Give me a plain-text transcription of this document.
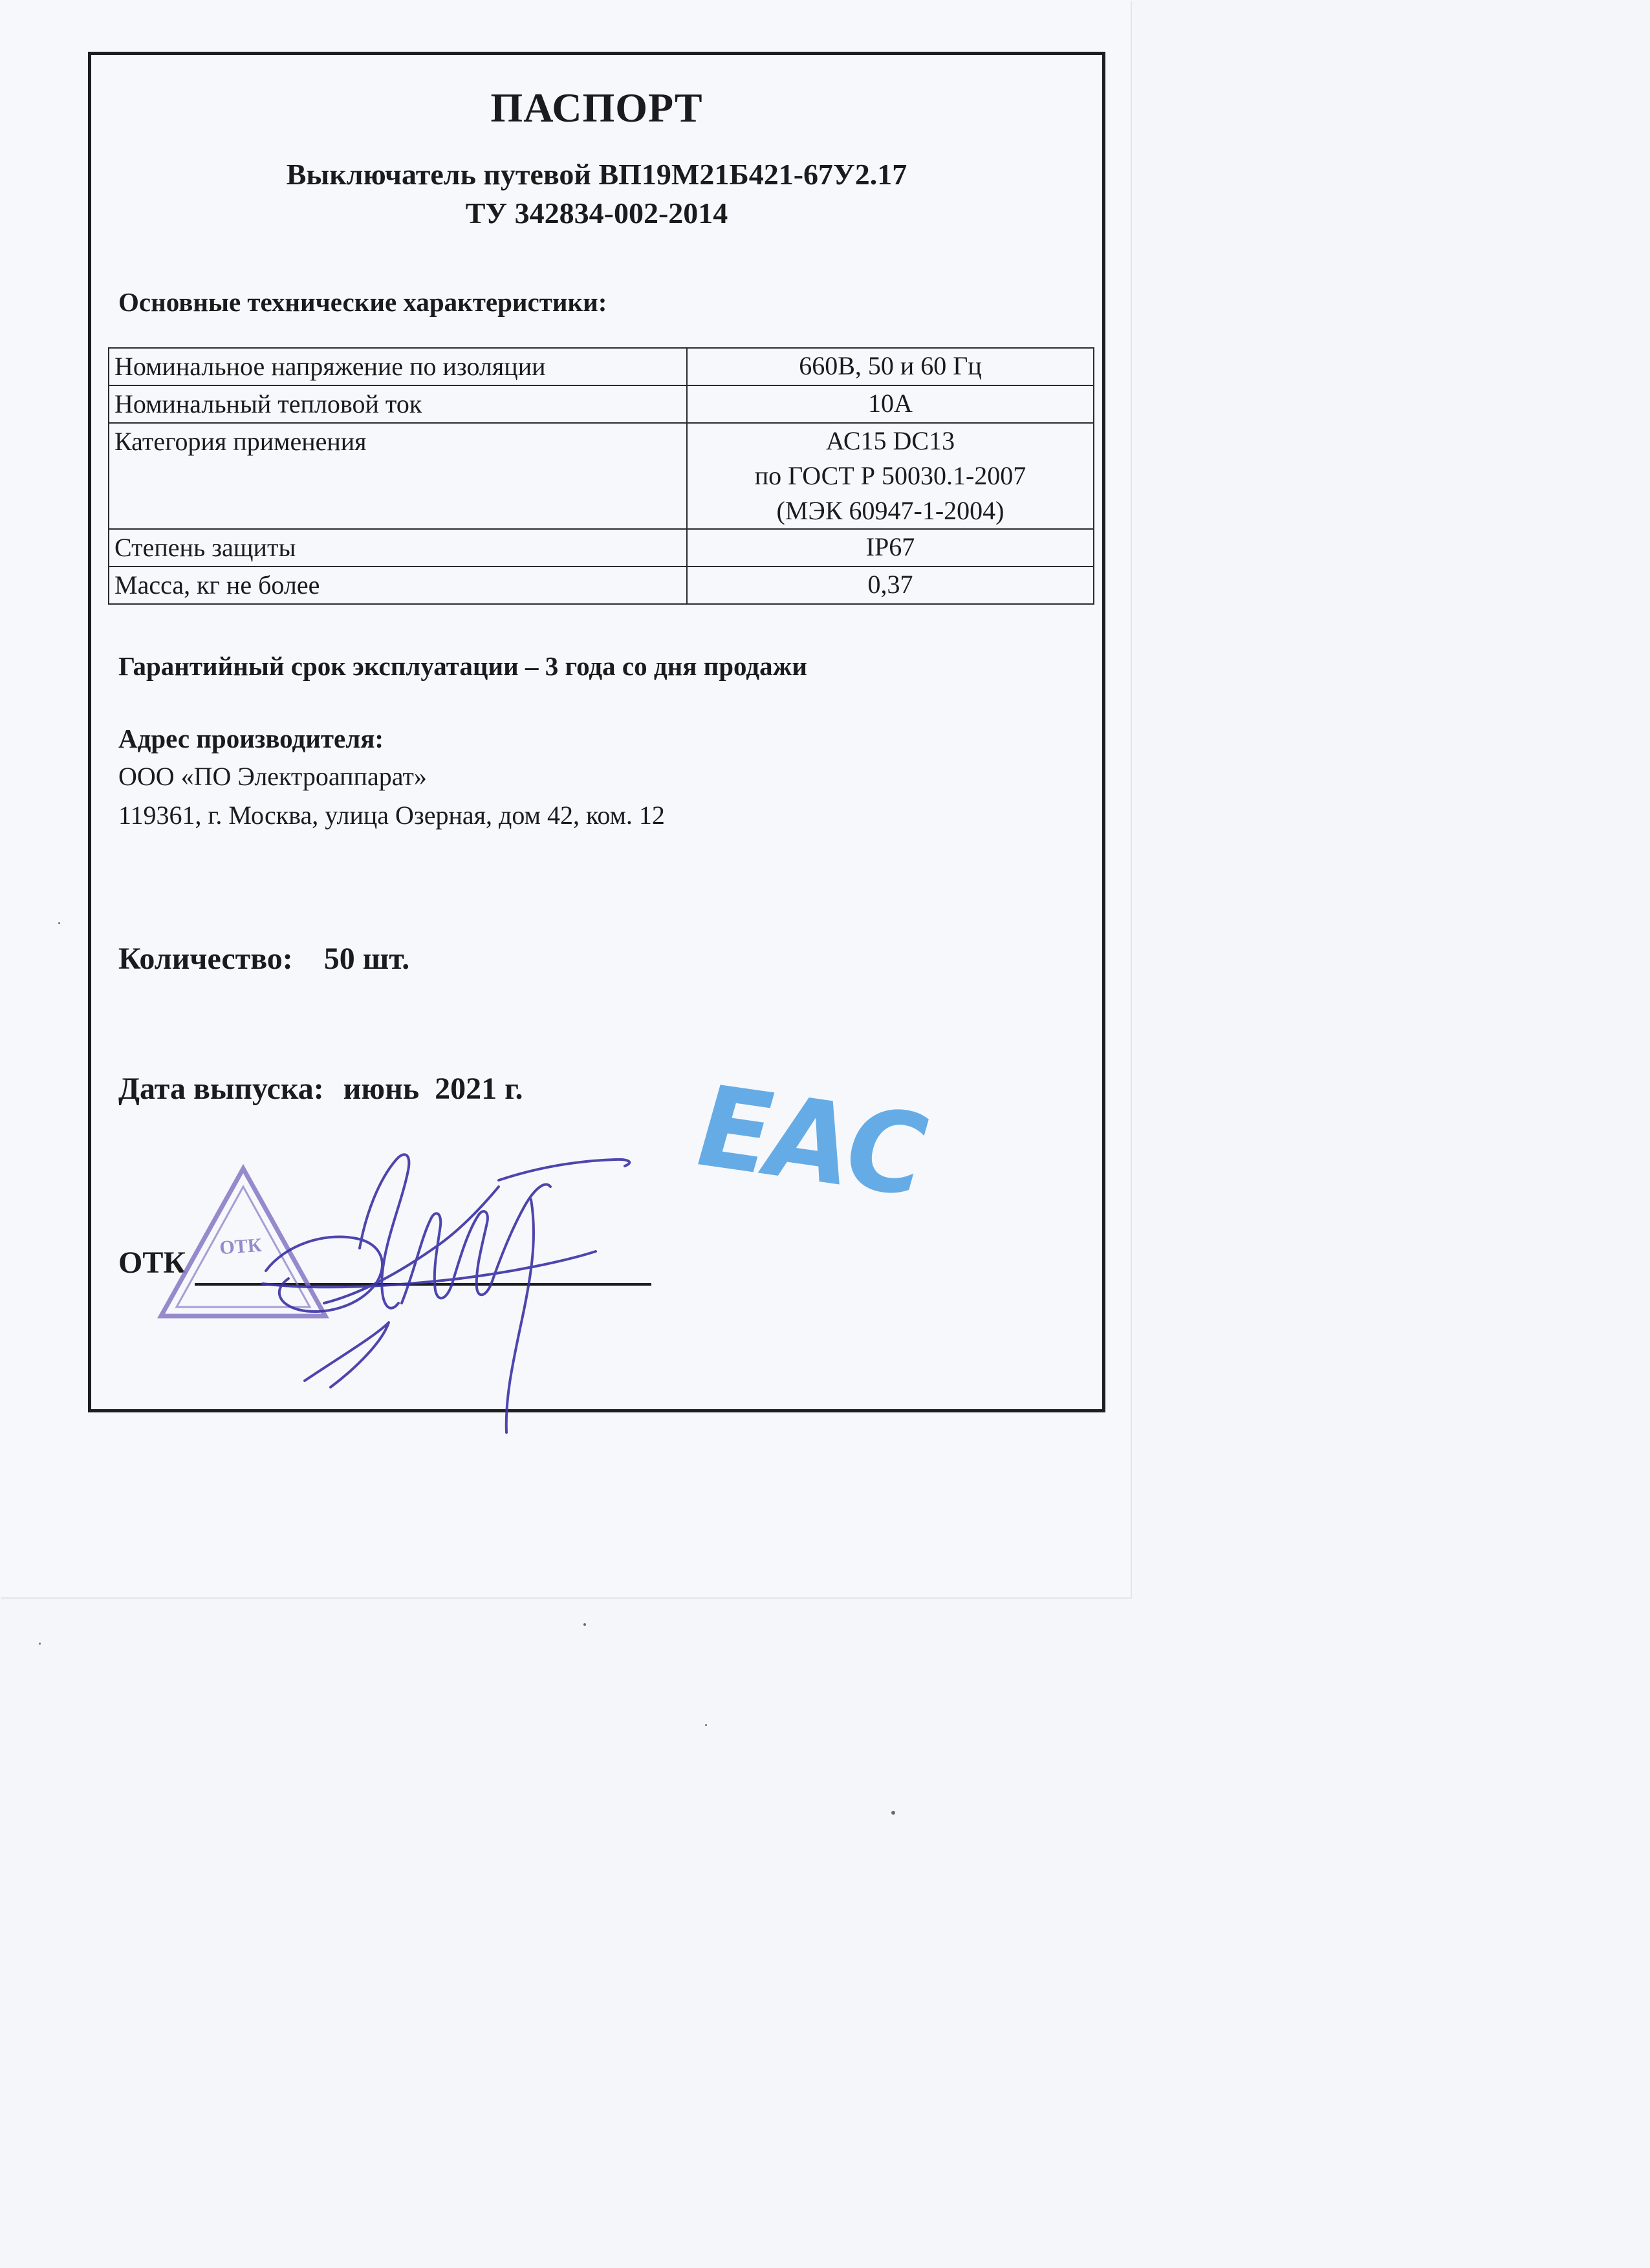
ПАСПОРТ
Выключатель путевой ВП19М21Б421-67У2.17
ТУ 342834-002-2014
Основные технические характеристики:
Номинальное напряжение по изоляции	660В, 50 и 60 Гц

Номинальный тепловой ток	10А

Категория применения	АС15 DC13
по ГОСТ Р 50030.1-2007
(МЭК 60947-1-2004)

Степень защиты	IP67

Масса, кг не более	0,37
Гарантийный срок эксплуатации – 3 года со дня продажи
Адрес производителя:
ООО «ПО Электроаппарат»
119361, г. Москва, улица Озерная, дом 42, ком. 12
Количество: 50 шт.
Дата выпуска: июнь  2021 г.
ОТК ОТК
ЕАС
